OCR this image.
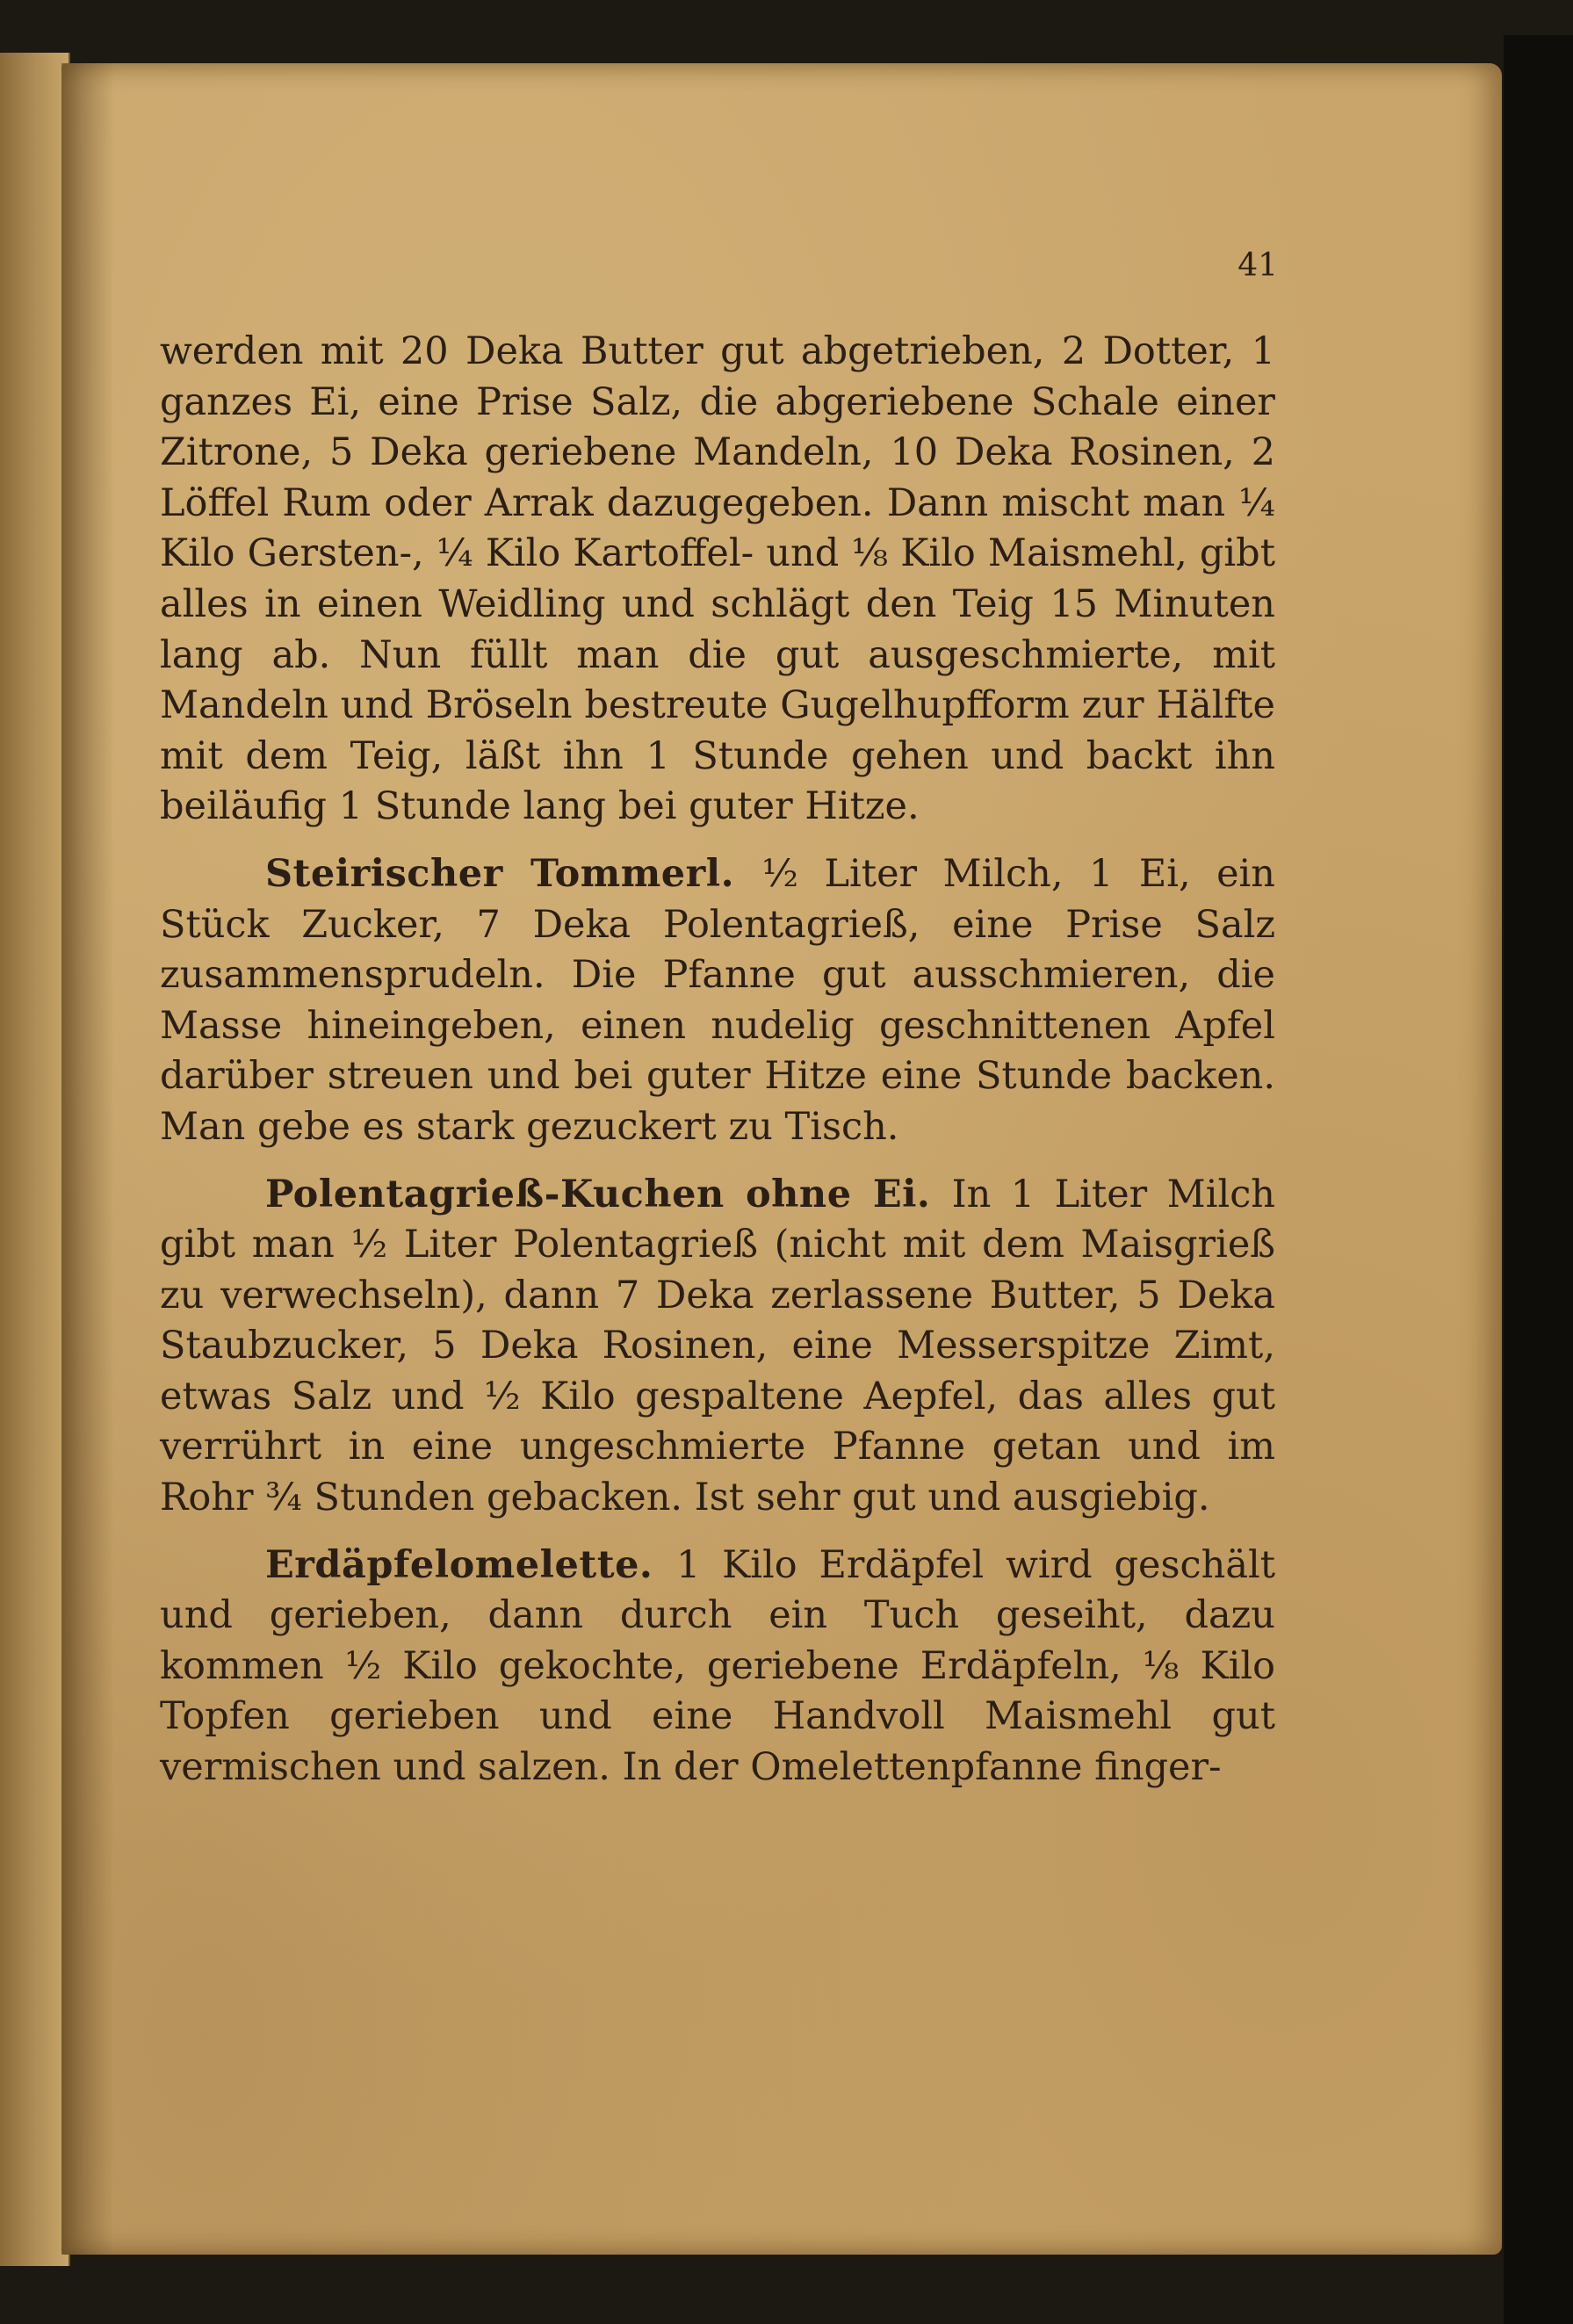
41

werden mit 20 Deka Butter gut abgetrieben, 2 Dotter, 1 ganzes Ei, eine Prise Salz, die abgeriebene Schale einer Zitrone, 5 Deka geriebene Mandeln, 10 Deka Rosinen, 2 Löffel Rum oder Arrak dazugegeben. Dann mischt man ¼ Kilo Gersten-, ¼ Kilo Kartoffel- und ⅛ Kilo Maismehl, gibt alles in einen Weidling und schlägt den Teig 15 Minuten lang ab. Nun füllt man die gut ausgeschmierte, mit Mandeln und Bröseln bestreute Gugelhupfform zur Hälfte mit dem Teig, läßt ihn 1 Stunde gehen und backt ihn beiläufig 1 Stunde lang bei guter Hitze.

Steirischer Tommerl. ½ Liter Milch, 1 Ei, ein Stück Zucker, 7 Deka Polentagrieß, eine Prise Salz zusammensprudeln. Die Pfanne gut ausschmieren, die Masse hineingeben, einen nudelig geschnittenen Apfel darüber streuen und bei guter Hitze eine Stunde backen. Man gebe es stark gezuckert zu Tisch.

Polentagrieß-Kuchen ohne Ei. In 1 Liter Milch gibt man ½ Liter Polentagrieß (nicht mit dem Maisgrieß zu verwechseln), dann 7 Deka zerlassene Butter, 5 Deka Staubzucker, 5 Deka Rosinen, eine Messerspitze Zimt, etwas Salz und ½ Kilo gespaltene Aepfel, das alles gut verrührt in eine ungeschmierte Pfanne getan und im Rohr ¾ Stunden gebacken. Ist sehr gut und ausgiebig.

Erdäpfelomelette. 1 Kilo Erdäpfel wird geschält und gerieben, dann durch ein Tuch geseiht, dazu kommen ½ Kilo gekochte, geriebene Erdäpfeln, ⅛ Kilo Topfen gerieben und eine Handvoll Maismehl gut vermischen und salzen. In der Omelettenpfanne finger-
